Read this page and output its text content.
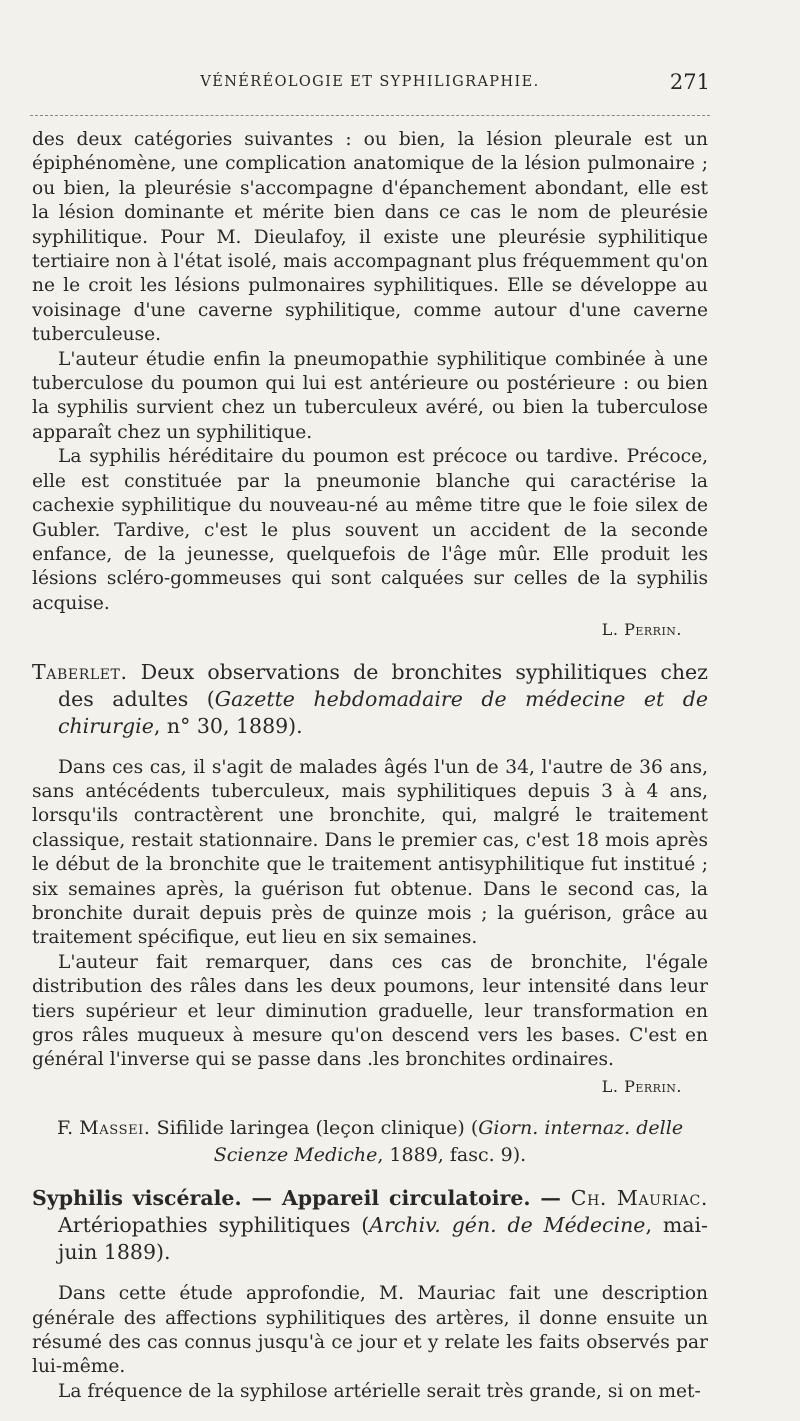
VÉNÉRÉOLOGIE ET SYPHILIGRAPHIE.	271

des deux catégories suivantes : ou bien, la lésion pleurale est un épiphénomène, une complication anatomique de la lésion pulmonaire ; ou bien, la pleurésie s'accompagne d'épanchement abondant, elle est la lésion dominante et mérite bien dans ce cas le nom de pleurésie syphilitique. Pour M. Dieulafoy, il existe une pleurésie syphilitique tertiaire non à l'état isolé, mais accompagnant plus fréquemment qu'on ne le croit les lésions pulmonaires syphilitiques. Elle se développe au voisinage d'une caverne syphilitique, comme autour d'une caverne tuberculeuse.

L'auteur étudie enfin la pneumopathie syphilitique combinée à une tuberculose du poumon qui lui est antérieure ou postérieure : ou bien la syphilis survient chez un tuberculeux avéré, ou bien la tuberculose apparaît chez un syphilitique.

La syphilis héréditaire du poumon est précoce ou tardive. Précoce, elle est constituée par la pneumonie blanche qui caractérise la cachexie syphilitique du nouveau-né au même titre que le foie silex de Gubler. Tardive, c'est le plus souvent un accident de la seconde enfance, de la jeunesse, quelquefois de l'âge mûr. Elle produit les lésions scléro-gommeuses qui sont calquées sur celles de la syphilis acquise.

L. Perrin.
Taberlet. Deux observations de bronchites syphilitiques chez des adultes (Gazette hebdomadaire de médecine et de chirurgie, n° 30, 1889).

Dans ces cas, il s'agit de malades âgés l'un de 34, l'autre de 36 ans, sans antécédents tuberculeux, mais syphilitiques depuis 3 à 4 ans, lorsqu'ils contractèrent une bronchite, qui, malgré le traitement classique, restait stationnaire. Dans le premier cas, c'est 18 mois après le début de la bronchite que le traitement antisyphilitique fut institué ; six semaines après, la guérison fut obtenue. Dans le second cas, la bronchite durait depuis près de quinze mois ; la guérison, grâce au traitement spécifique, eut lieu en six semaines.

L'auteur fait remarquer, dans ces cas de bronchite, l'égale distribution des râles dans les deux poumons, leur intensité dans leur tiers supérieur et leur diminution graduelle, leur transformation en gros râles muqueux à mesure qu'on descend vers les bases. C'est en général l'inverse qui se passe dans .les bronchites ordinaires.

L. Perrin.
F. Massei. Sifilide laringea (leçon clinique) (Giorn. internaz. delle Scienze Mediche, 1889, fasc. 9).
Syphilis viscérale. — Appareil circulatoire. — Ch. Mauriac. Artériopathies syphilitiques (Archiv. gén. de Médecine, mai-juin 1889).

Dans cette étude approfondie, M. Mauriac fait une description générale des affections syphilitiques des artères, il donne ensuite un résumé des cas connus jusqu'à ce jour et y relate les faits observés par lui-même.

La fréquence de la syphilose artérielle serait très grande, si on met-
